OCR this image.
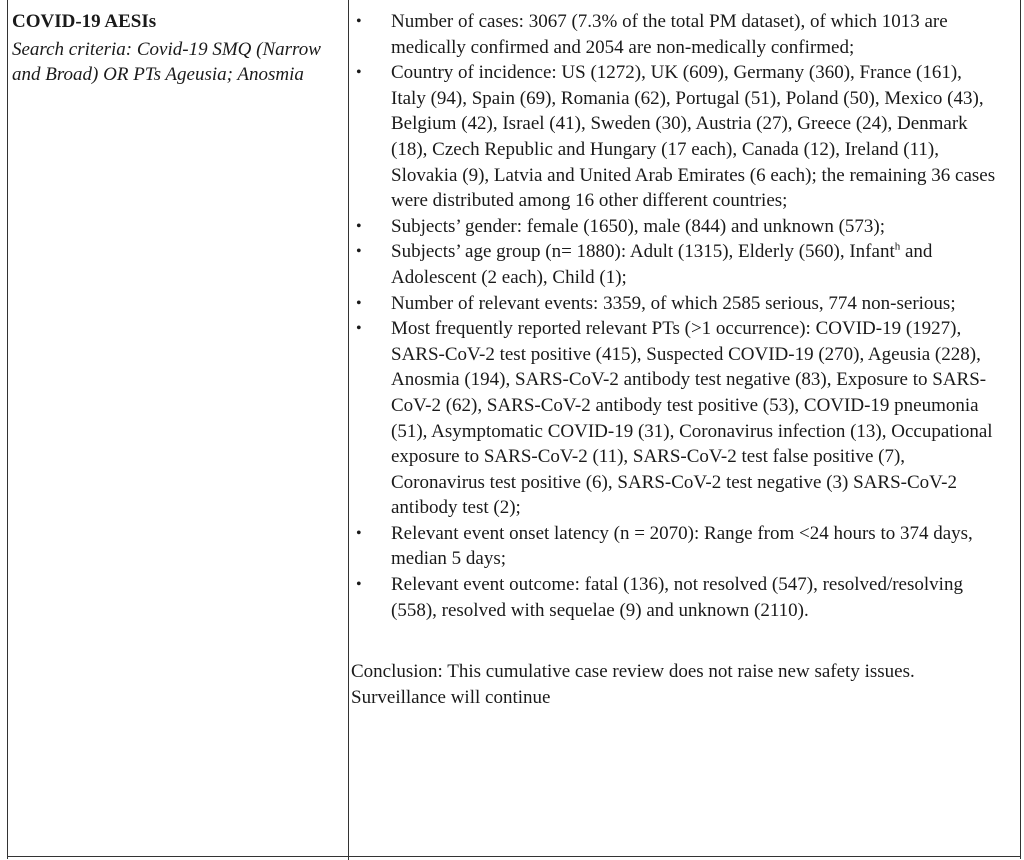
COVID-19 AESIs

Search criteria: Covid-19 SMQ (Narrow and Broad) OR PTs Ageusia; Anosmia

• Number of cases: 3067 (7.3% of the total PM dataset), of which 1013 are medically confirmed and 2054 are non-medically confirmed;
• Country of incidence: US (1272), UK (609), Germany (360), France (161), Italy (94), Spain (69), Romania (62), Portugal (51), Poland (50), Mexico (43), Belgium (42), Israel (41), Sweden (30), Austria (27), Greece (24), Denmark (18), Czech Republic and Hungary (17 each), Canada (12), Ireland (11), Slovakia (9), Latvia and United Arab Emirates (6 each); the remaining 36 cases were distributed among 16 other different countries;
• Subjects’ gender: female (1650), male (844) and unknown (573);
• Subjects’ age group (n= 1880): Adult (1315), Elderly (560), Infant$^h$ and Adolescent (2 each), Child (1);
• Number of relevant events: 3359, of which 2585 serious, 774 non-serious;
• Most frequently reported relevant PTs (>1 occurrence): COVID-19 (1927), SARS-CoV-2 test positive (415), Suspected COVID-19 (270), Ageusia (228), Anosmia (194), SARS-CoV-2 antibody test negative (83), Exposure to SARS-CoV-2 (62), SARS-CoV-2 antibody test positive (53), COVID-19 pneumonia (51), Asymptomatic COVID-19 (31), Coronavirus infection (13), Occupational exposure to SARS-CoV-2 (11), SARS-CoV-2 test false positive (7), Coronavirus test positive (6), SARS-CoV-2 test negative (3) SARS-CoV-2 antibody test (2);
• Relevant event onset latency (n = 2070): Range from <24 hours to 374 days, median 5 days;
• Relevant event outcome: fatal (136), not resolved (547), resolved/resolving (558), resolved with sequelae (9) and unknown (2110).

Conclusion: This cumulative case review does not raise new safety issues. Surveillance will continue
